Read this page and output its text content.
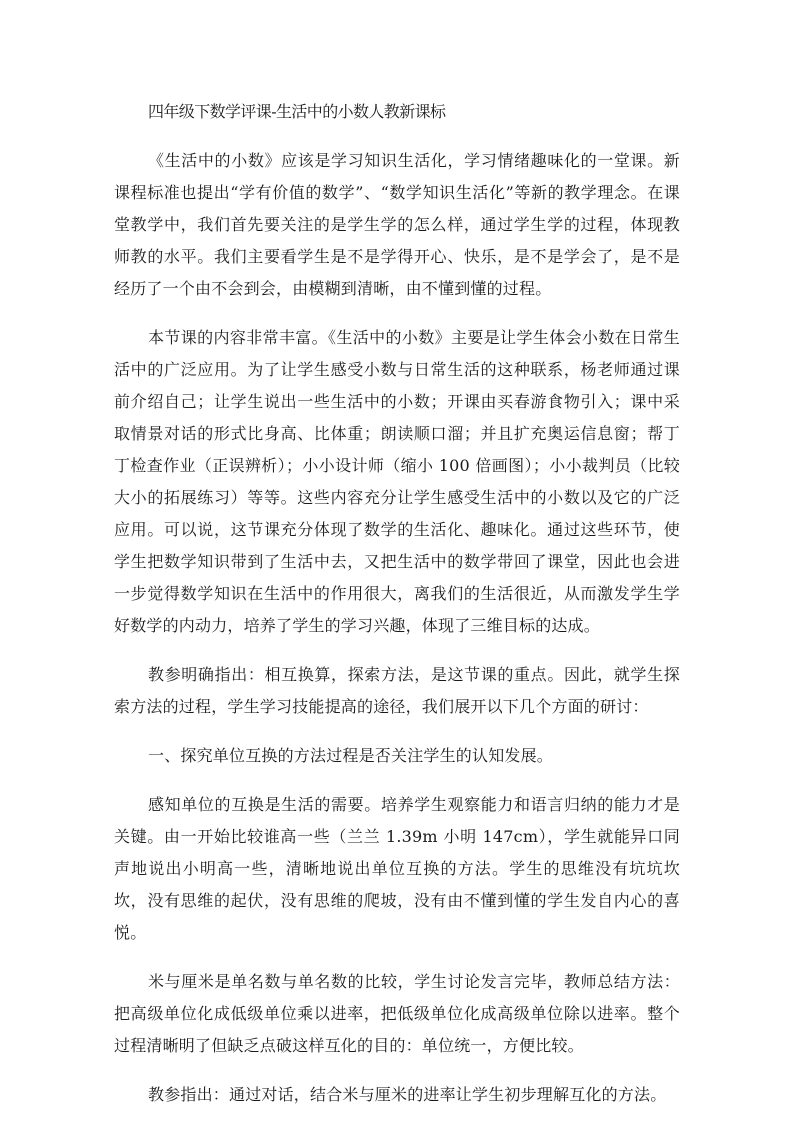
四年级下数学评课-生活中的小数人教新课标

《生活中的小数》应该是学习知识生活化，学习情绪趣味化的一堂课。新课程标准也提出“学有价值的数学”、“数学知识生活化”等新的教学理念。在课堂教学中，我们首先要关注的是学生学的怎么样，通过学生学的过程，体现教师教的水平。我们主要看学生是不是学得开心、快乐，是不是学会了，是不是经历了一个由不会到会，由模糊到清晰，由不懂到懂的过程。

本节课的内容非常丰富。《生活中的小数》主要是让学生体会小数在日常生活中的广泛应用。为了让学生感受小数与日常生活的这种联系，杨老师通过课前介绍自己；让学生说出一些生活中的小数；开课由买春游食物引入；课中采取情景对话的形式比身高、比体重；朗读顺口溜；并且扩充奥运信息窗；帮丁丁检查作业（正误辨析）；小小设计师（缩小 100 倍画图）；小小裁判员（比较大小的拓展练习）等等。这些内容充分让学生感受生活中的小数以及它的广泛应用。可以说，这节课充分体现了数学的生活化、趣味化。通过这些环节，使学生把数学知识带到了生活中去，又把生活中的数学带回了课堂，因此也会进一步觉得数学知识在生活中的作用很大，离我们的生活很近，从而激发学生学好数学的内动力，培养了学生的学习兴趣，体现了三维目标的达成。

教参明确指出：相互换算，探索方法，是这节课的重点。因此，就学生探索方法的过程，学生学习技能提高的途径，我们展开以下几个方面的研讨：

一、探究单位互换的方法过程是否关注学生的认知发展。

感知单位的互换是生活的需要。培养学生观察能力和语言归纳的能力才是关键。由一开始比较谁高一些（兰兰 1.39m 小明 147cm），学生就能异口同声地说出小明高一些，清晰地说出单位互换的方法。学生的思维没有坑坑坎坎，没有思维的起伏，没有思维的爬坡，没有由不懂到懂的学生发自内心的喜悦。

米与厘米是单名数与单名数的比较，学生讨论发言完毕，教师总结方法：把高级单位化成低级单位乘以进率，把低级单位化成高级单位除以进率。整个过程清晰明了但缺乏点破这样互化的目的：单位统一，方便比较。

教参指出：通过对话，结合米与厘米的进率让学生初步理解互化的方法。
